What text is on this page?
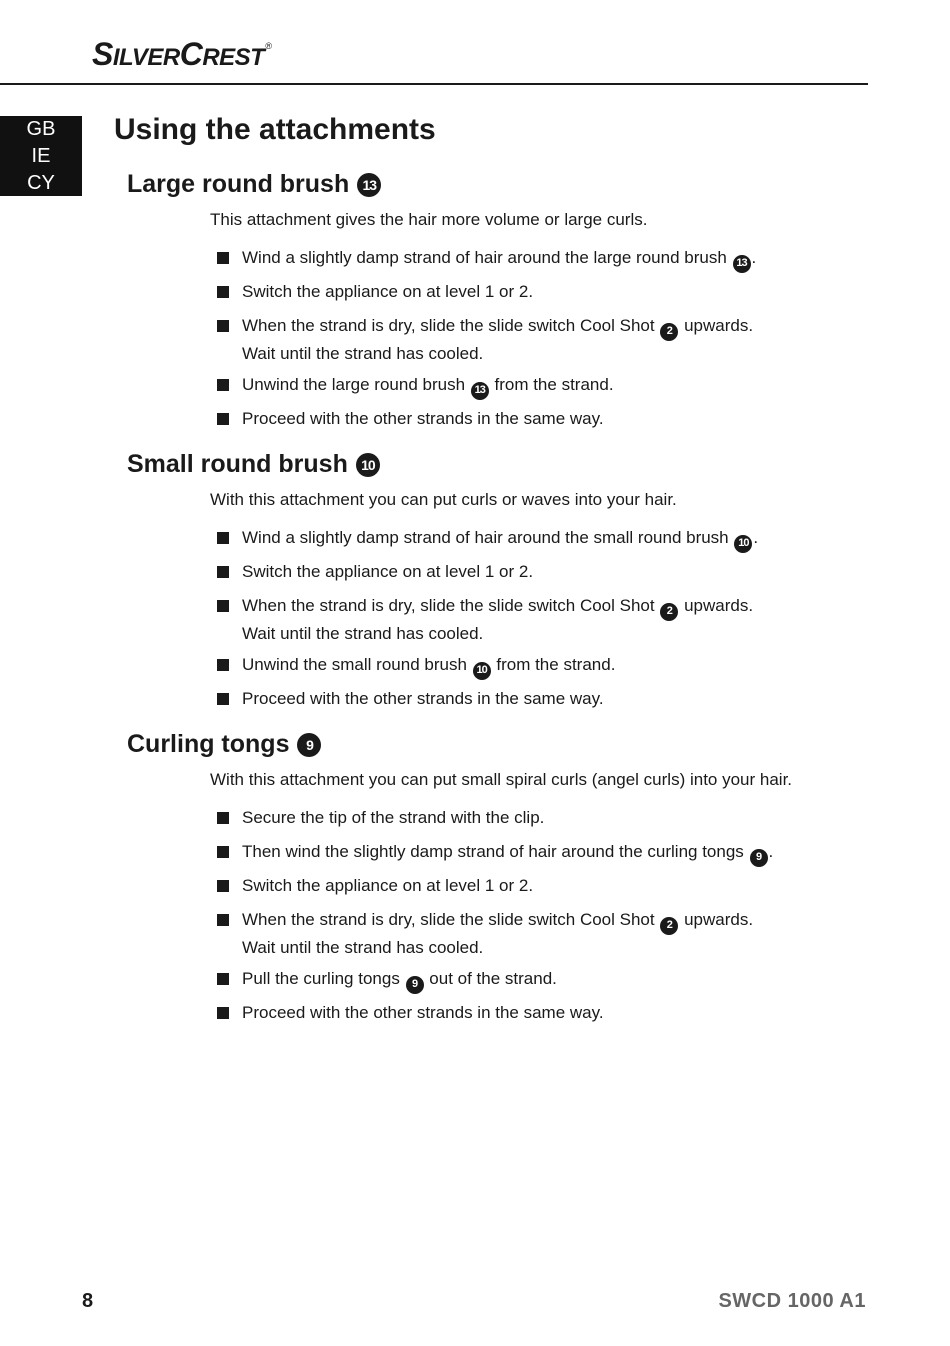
SILVERCREST®
GB
IE
CY
Using the attachments
Large round brush 13

This attachment gives the hair more volume or large curls.

Wind a slightly damp strand of hair around the large round brush 13 .
Switch the appliance on at level 1 or 2.
When the strand is dry, slide the slide switch Cool Shot 2 upwards.
Wait until the strand has cooled.
Unwind the large round brush 13 from the strand.
Proceed with the other strands in the same way.
Small round brush 10

With this attachment you can put curls or waves into your hair.

Wind a slightly damp strand of hair around the small round brush 10 .
Switch the appliance on at level 1 or 2.
When the strand is dry, slide the slide switch Cool Shot 2 upwards.
Wait until the strand has cooled.
Unwind the small round brush 10 from the strand.
Proceed with the other strands in the same way.
Curling tongs	9

With this attachment you can put small spiral curls (angel curls) into your hair.

Secure the tip of the strand with the clip.
Then wind the slightly damp strand of hair around the curling tongs 9 .
Switch the appliance on at level 1 or 2.
When the strand is dry, slide the slide switch Cool Shot 2 upwards.
Wait until the strand has cooled.
Pull the curling tongs 9 out of the strand.
Proceed with the other strands in the same way.
8	SWCD 1000 A1
